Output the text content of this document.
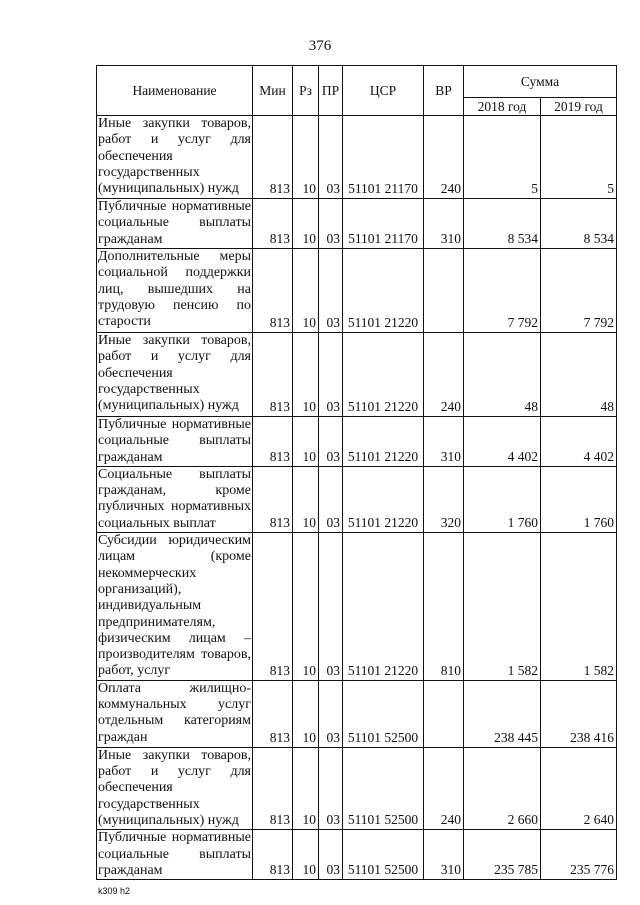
376
Наименование	Мин	Рз	ПР	ЦСР	ВР	Сумма	
						2018 год	2019 год
Иные закупки товаров, работ и услуг для обеспечения государственных (муниципальных) нужд	813	10	03	51101 21170	240	5	5
Публичные нормативные социальные выплаты гражданам	813	10	03	51101 21170	310	8 534	8 534
Дополнительные меры социальной поддержки лиц, вышедших на трудовую пенсию по старости	813	10	03	51101 21220		7 792	7 792
Иные закупки товаров, работ и услуг для обеспечения государственных (муниципальных) нужд	813	10	03	51101 21220	240	48	48
Публичные нормативные социальные выплаты гражданам	813	10	03	51101 21220	310	4 402	4 402
Социальные выплаты гражданам, кроме публичных нормативных социальных выплат	813	10	03	51101 21220	320	1 760	1 760
Субсидии юридическим лицам (кроме некоммерческих организаций), индивидуальным предпринимателям, физическим лицам – производителям товаров, работ, услуг	813	10	03	51101 21220	810	1 582	1 582
Оплата жилищно-коммунальных услуг отдельным категориям граждан	813	10	03	51101 52500		238 445	238 416
Иные закупки товаров, работ и услуг для обеспечения государственных (муниципальных) нужд	813	10	03	51101 52500	240	2 660	2 640
Публичные нормативные социальные выплаты гражданам	813	10	03	51101 52500	310	235 785	235 776
k309 h2
